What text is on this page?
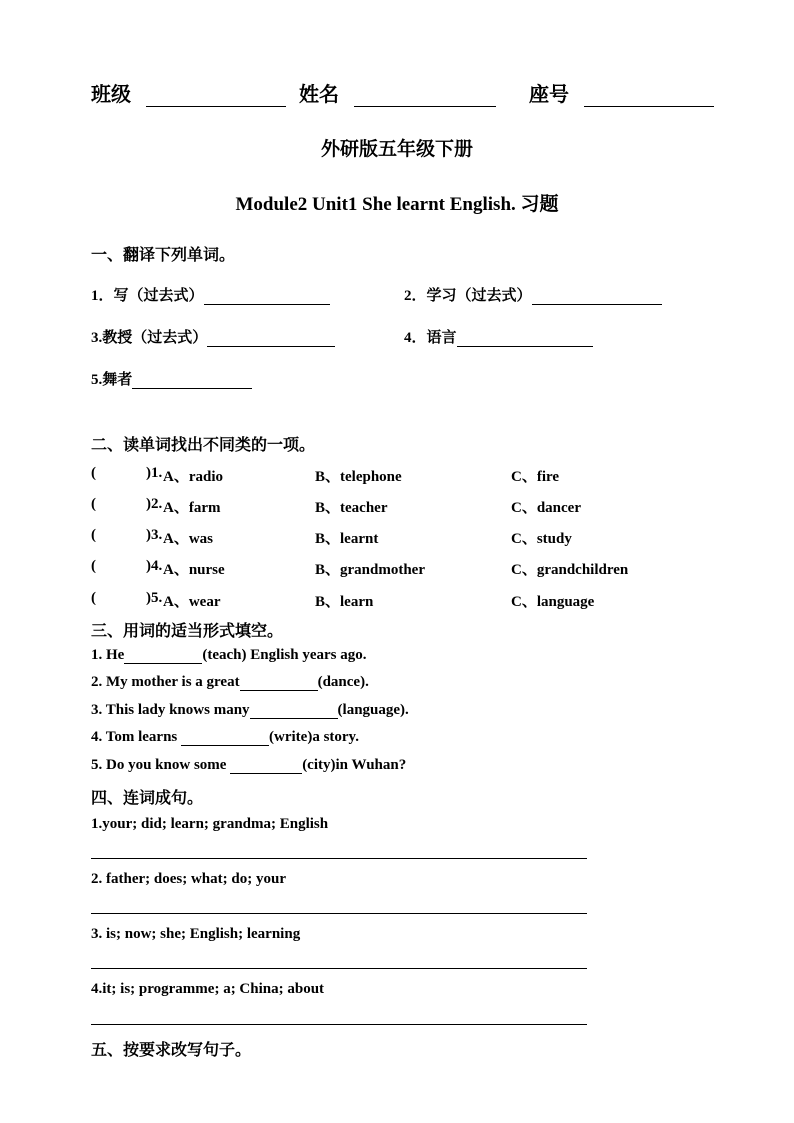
班级	姓名	座号
外研版五年级下册
Module2 Unit1 She learnt English. 习题
一、翻译下列单词。
1．写（过去式）	2．学习（过去式）
3.教授（过去式）	4．语言
5.舞者
二、读单词找出不同类的一项。
(	)1. A、radio	B、telephone	C、fire
(	)2. A、farm	B、teacher	C、dancer
(	)3. A、was	B、learnt	C、study
(	)4. A、nurse	B、grandmother	C、grandchildren
(	)5. A、wear	B、learn	C、language
三、用词的适当形式填空。
1. He	(teach) English years ago.
2. My mother is a great	(dance).
3. This lady knows many	(language).
4. Tom learns	(write)a story.
5. Do you know some	(city)in Wuhan?
四、连词成句。
1.your; did; learn; grandma; English
2. father; does; what; do; your
3. is; now; she; English; learning
4.it; is; programme; a; China; about
五、按要求改写句子。
